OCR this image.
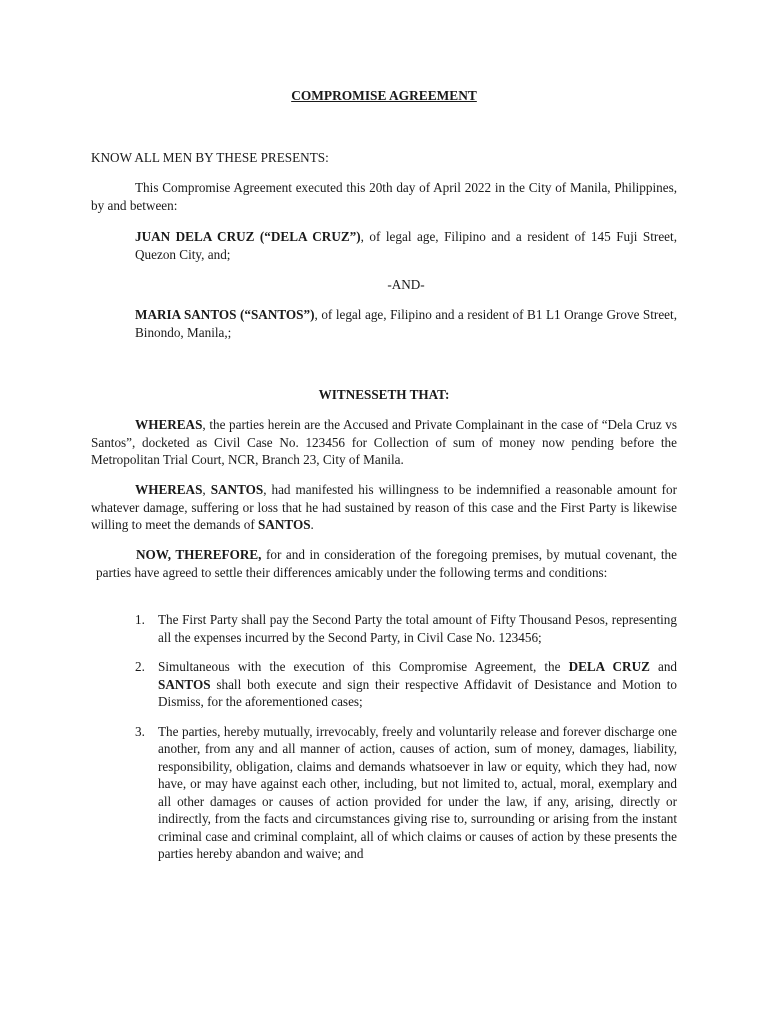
COMPROMISE AGREEMENT

KNOW ALL MEN BY THESE PRESENTS:

This Compromise Agreement executed this 20th day of April 2022 in the City of Manila, Philippines, by and between:

JUAN DELA CRUZ (“DELA CRUZ”), of legal age, Filipino and a resident of 145 Fuji Street, Quezon City, and;

-AND-

MARIA SANTOS (“SANTOS”), of legal age, Filipino and a resident of B1 L1 Orange Grove Street, Binondo, Manila,;

WITNESSETH THAT:

WHEREAS, the parties herein are the Accused and Private Complainant in the case of “Dela Cruz vs Santos”, docketed as Civil Case No. 123456 for Collection of sum of money now pending before the Metropolitan Trial Court, NCR, Branch 23, City of Manila.

WHEREAS, SANTOS, had manifested his willingness to be indemnified a reasonable amount for whatever damage, suffering or loss that he had sustained by reason of this case and the First Party is likewise willing to meet the demands of SANTOS.

NOW, THEREFORE, for and in consideration of the foregoing premises, by mutual covenant, the parties have agreed to settle their differences amicably under the following terms and conditions:

1. The First Party shall pay the Second Party the total amount of Fifty Thousand Pesos, representing all the expenses incurred by the Second Party, in Civil Case No. 123456;
2. Simultaneous with the execution of this Compromise Agreement, the DELA CRUZ and SANTOS shall both execute and sign their respective Affidavit of Desistance and Motion to Dismiss, for the aforementioned cases;
3. The parties, hereby mutually, irrevocably, freely and voluntarily release and forever discharge one another, from any and all manner of action, causes of action, sum of money, damages, liability, responsibility, obligation, claims and demands whatsoever in law or equity, which they had, now have, or may have against each other, including, but not limited to, actual, moral, exemplary and all other damages or causes of action provided for under the law, if any, arising, directly or indirectly, from the facts and circumstances giving rise to, surrounding or arising from the instant criminal case and criminal complaint, all of which claims or causes of action by these presents the parties hereby abandon and waive; and
